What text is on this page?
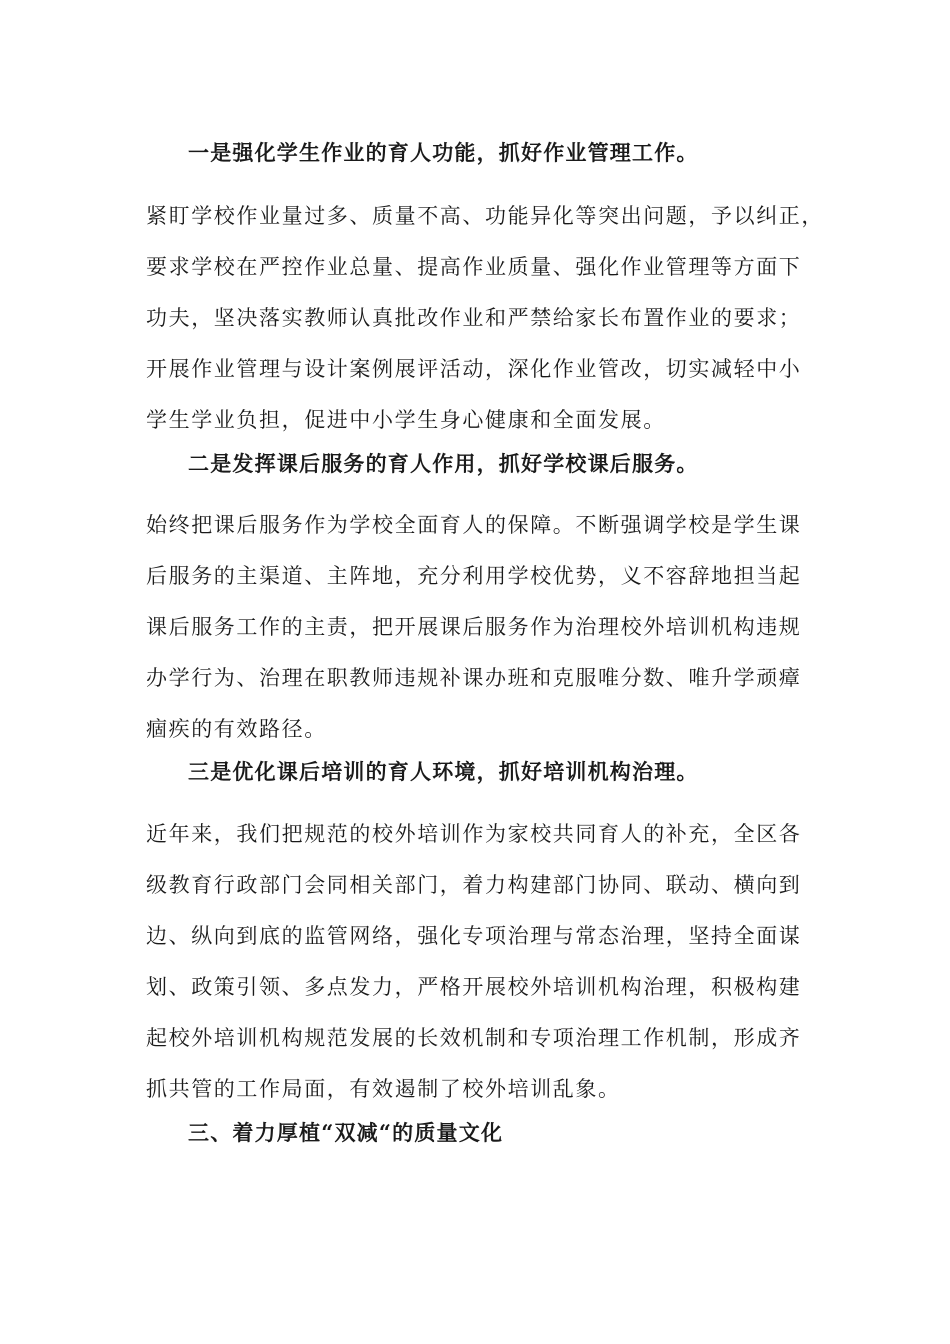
一是强化学生作业的育人功能，抓好作业管理工作。
紧盯学校作业量过多、质量不高、功能异化等突出问题，予以纠正，
要求学校在严控作业总量、提高作业质量、强化作业管理等方面下
功夫，坚决落实教师认真批改作业和严禁给家长布置作业的要求；
开展作业管理与设计案例展评活动，深化作业管改，切实减轻中小
学生学业负担，促进中小学生身心健康和全面发展。
二是发挥课后服务的育人作用，抓好学校课后服务。
始终把课后服务作为学校全面育人的保障。不断强调学校是学生课
后服务的主渠道、主阵地，充分利用学校优势，义不容辞地担当起
课后服务工作的主责，把开展课后服务作为治理校外培训机构违规
办学行为、治理在职教师违规补课办班和克服唯分数、唯升学顽瘴
痼疾的有效路径。
三是优化课后培训的育人环境，抓好培训机构治理。
近年来，我们把规范的校外培训作为家校共同育人的补充，全区各
级教育行政部门会同相关部门，着力构建部门协同、联动、横向到
边、纵向到底的监管网络，强化专项治理与常态治理，坚持全面谋
划、政策引领、多点发力，严格开展校外培训机构治理，积极构建
起校外培训机构规范发展的长效机制和专项治理工作机制，形成齐
抓共管的工作局面，有效遏制了校外培训乱象。
三、着力厚植“双减“的质量文化
